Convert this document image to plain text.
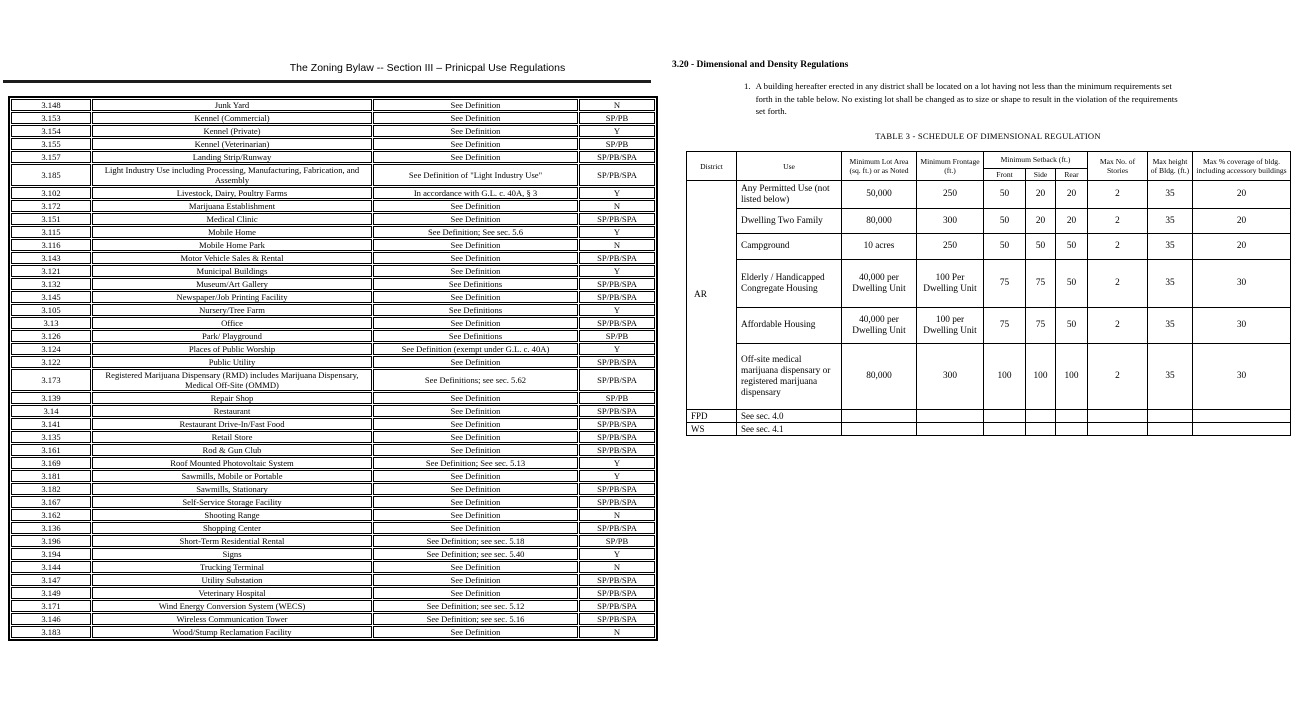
The Zoning Bylaw -- Section III – Prinicpal Use Regulations
3.148	Junk Yard	See Definition	N
3.153	Kennel (Commercial)	See Definition	SP/PB
3.154	Kennel (Private)	See Definition	Y
3.155	Kennel (Veterinarian)	See Definition	SP/PB
3.157	Landing Strip/Runway	See Definition	SP/PB/SPA
3.185	Light Industry Use including Processing, Manufacturing, Fabrication, and Assembly	See Definition of "Light Industry Use"	SP/PB/SPA
3.102	Livestock, Dairy, Poultry Farms	In accordance with G.L. c. 40A, § 3	Y
3.172	Marijuana Establishment	See Definition	N
3.151	Medical Clinic	See Definition	SP/PB/SPA
3.115	Mobile Home	See Definition; See sec. 5.6	Y
3.116	Mobile Home Park	See Definition	N
3.143	Motor Vehicle Sales & Rental	See Definition	SP/PB/SPA
3.121	Municipal Buildings	See Definition	Y
3.132	Museum/Art Gallery	See Definitions	SP/PB/SPA
3.145	Newspaper/Job Printing Facility	See Definition	SP/PB/SPA
3.105	Nursery/Tree Farm	See Definitions	Y
3.13	Office	See Definition	SP/PB/SPA
3.126	Park/ Playground	See Definitions	SP/PB
3.124	Places of Public Worship	See Definition (exempt under G.L. c. 40A)	Y
3.122	Public Utility	See Definition	SP/PB/SPA
3.173	Registered Marijuana Dispensary (RMD) includes Marijuana Dispensary, Medical Off-Site (OMMD)	See Definitions; see sec. 5.62	SP/PB/SPA
3.139	Repair Shop	See Definition	SP/PB
3.14	Restaurant	See Definition	SP/PB/SPA
3.141	Restaurant Drive-In/Fast Food	See Definition	SP/PB/SPA
3.135	Retail Store	See Definition	SP/PB/SPA
3.161	Rod & Gun Club	See Definition	SP/PB/SPA
3.169	Roof Mounted Photovoltaic System	See Definition; See sec. 5.13	Y
3.181	Sawmills, Mobile or Portable	See Definition	Y
3.182	Sawmills, Stationary	See Definition	SP/PB/SPA
3.167	Self-Service Storage Facility	See Definition	SP/PB/SPA
3.162	Shooting Range	See Definition	N
3.136	Shopping Center	See Definition	SP/PB/SPA
3.196	Short-Term Residential Rental	See Definition; see sec. 5.18	SP/PB
3.194	Signs	See Definition; see sec. 5.40	Y
3.144	Trucking Terminal	See Definition	N
3.147	Utility Substation	See Definition	SP/PB/SPA
3.149	Veterinary Hospital	See Definition	SP/PB/SPA
3.171	Wind Energy Conversion System (WECS)	See Definition; see sec. 5.12	SP/PB/SPA
3.146	Wireless Communication Tower	See Definition; see sec. 5.16	SP/PB/SPA
3.183	Wood/Stump Reclamation Facility	See Definition	N
3.20 - Dimensional and Density Regulations
1. A building hereafter erected in any district shall be located on a lot having not less than the minimum requirements set forth in the table below. No existing lot shall be changed as to size or shape to result in the violation of the requirements set forth.
TABLE 3 - SCHEDULE OF DIMENSIONAL REGULATION
District	Use	Minimum Lot Area (sq. ft.) or as Noted	Minimum Frontage (ft.)	Minimum Setback (ft.)			Max No. of Stories	Max height of Bldg. (ft.)	Max % coverage of bldg. including accessory buildings
				Front	Side	Rear			
AR	Any Permitted Use (not listed below)	50,000	250	50	20	20	2	35	20
	Dwelling Two Family	80,000	300	50	20	20	2	35	20
	Campground	10 acres	250	50	50	50	2	35	20
	Elderly / Handicapped Congregate Housing	40,000 per Dwelling Unit	100 Per Dwelling Unit	75	75	50	2	35	30
	Affordable Housing	40,000 per Dwelling Unit	100 per Dwelling Unit	75	75	50	2	35	30
	Off-site medical marijuana dispensary or registered marijuana dispensary	80,000	300	100	100	100	2	35	30
FPD	See sec. 4.0								
WS	See sec. 4.1								
